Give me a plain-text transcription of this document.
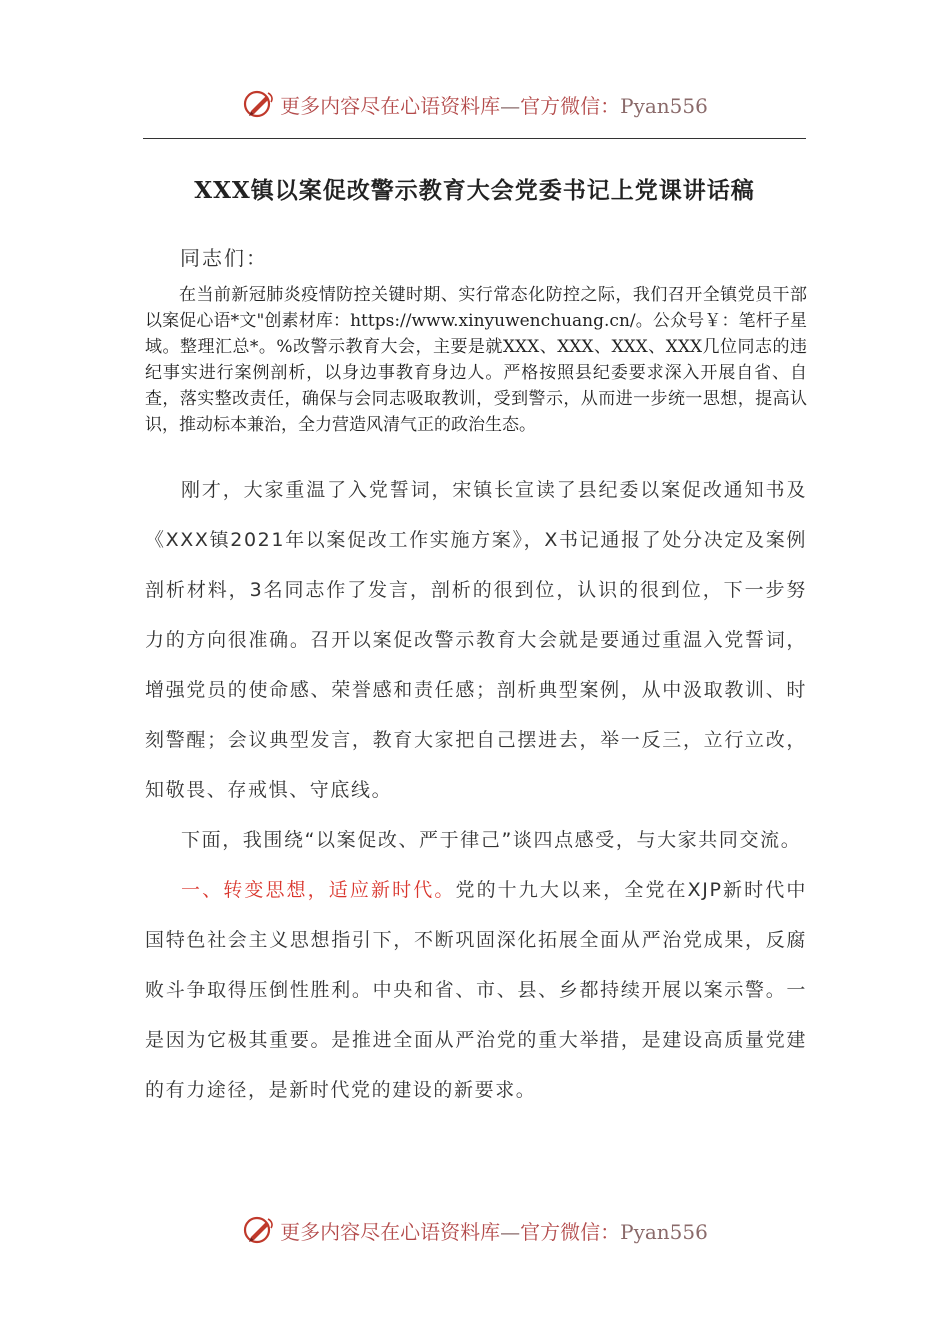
更多内容尽在心语资料库—官方微信：Pyan556
XXX镇以案促改警示教育大会党委书记上党课讲话稿
同志们：
在当前新冠肺炎疫情防控关键时期、实行常态化防控之际，我们召开全镇党员干部以案促心语*文"创素材库：https://www.xinyuwenchuang.cn/。公众号￥：笔杆子星域。整理汇总*。%改警示教育大会，主要是就XXX、XXX、XXX、XXX几位同志的违纪事实进行案例剖析，以身边事教育身边人。严格按照县纪委要求深入开展自省、自查，落实整改责任，确保与会同志吸取教训，受到警示，从而进一步统一思想，提高认识，推动标本兼治，全力营造风清气正的政治生态。

刚才，大家重温了入党誓词，宋镇长宣读了县纪委以案促改通知书及《XXX镇2021年以案促改工作实施方案》，X书记通报了处分决定及案例剖析材料，3名同志作了发言，剖析的很到位，认识的很到位，下一步努力的方向很准确。召开以案促改警示教育大会就是要通过重温入党誓词，增强党员的使命感、荣誉感和责任感；剖析典型案例，从中汲取教训、时刻警醒；会议典型发言，教育大家把自己摆进去，举一反三，立行立改，知敬畏、存戒惧、守底线。

下面，我围绕“以案促改、严于律己”谈四点感受，与大家共同交流。

一、转变思想，适应新时代。党的十九大以来，全党在XJP新时代中国特色社会主义思想指引下，不断巩固深化拓展全面从严治党成果，反腐败斗争取得压倒性胜利。中央和省、市、县、乡都持续开展以案示警。一是因为它极其重要。是推进全面从严治党的重大举措，是建设高质量党建的有力途径，是新时代党的建设的新要求。

更多内容尽在心语资料库—官方微信：Pyan556
